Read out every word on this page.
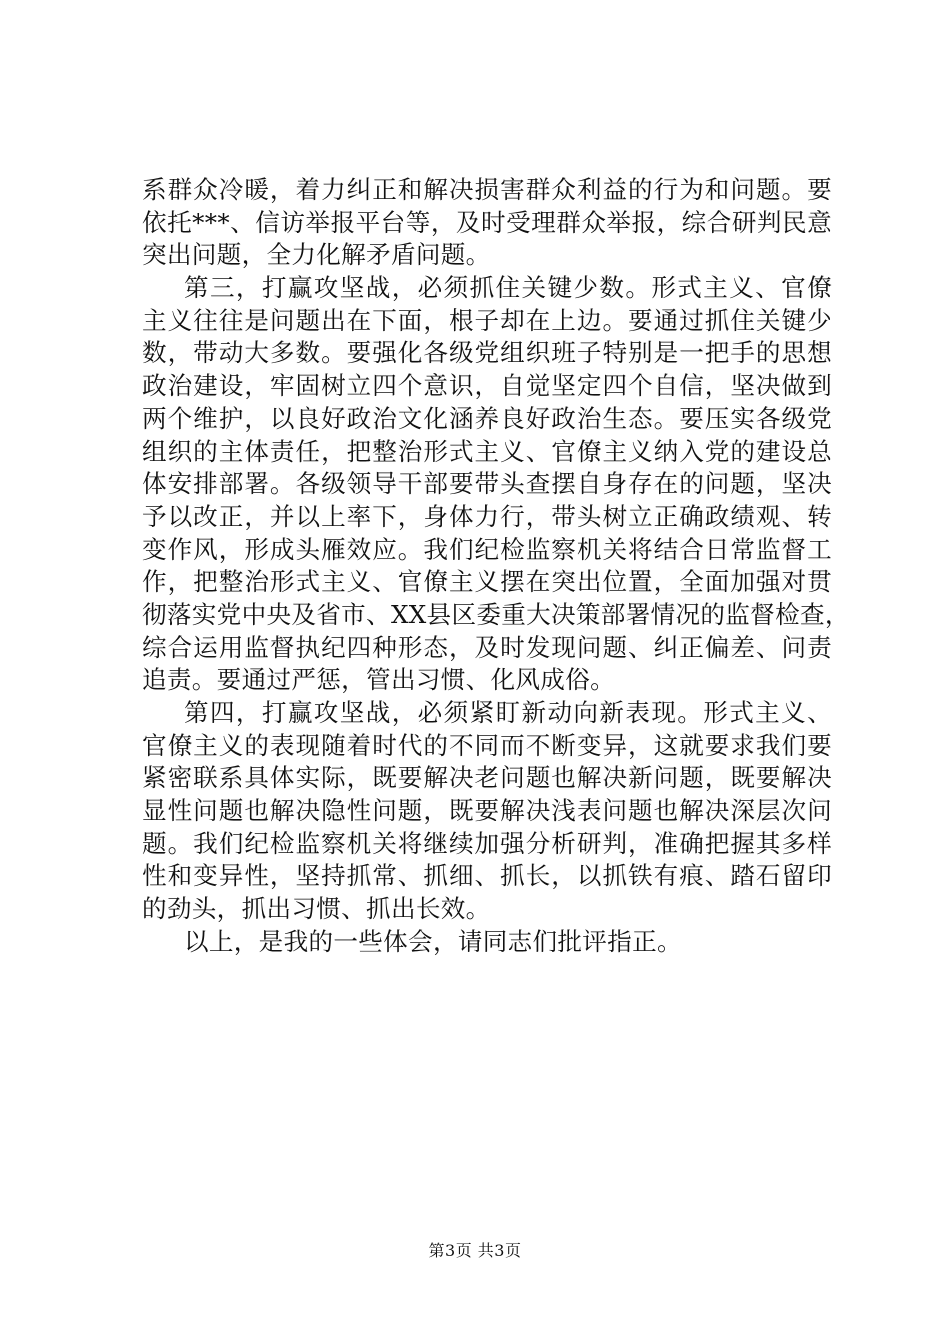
系群众冷暖，着力纠正和解决损害群众利益的行为和问题。要
依托***、信访举报平台等，及时受理群众举报，综合研判民意
突出问题，全力化解矛盾问题。
第三，打赢攻坚战，必须抓住关键少数。形式主义、官僚
主义往往是问题出在下面，根子却在上边。要通过抓住关键少
数，带动大多数。要强化各级党组织班子特别是一把手的思想
政治建设，牢固树立四个意识，自觉坚定四个自信，坚决做到
两个维护，以良好政治文化涵养良好政治生态。要压实各级党
组织的主体责任，把整治形式主义、官僚主义纳入党的建设总
体安排部署。各级领导干部要带头查摆自身存在的问题，坚决
予以改正，并以上率下，身体力行，带头树立正确政绩观、转
变作风，形成头雁效应。我们纪检监察机关将结合日常监督工
作，把整治形式主义、官僚主义摆在突出位置，全面加强对贯
彻落实党中央及省市、XX县区委重大决策部署情况的监督检查，
综合运用监督执纪四种形态，及时发现问题、纠正偏差、问责
追责。要通过严惩，管出习惯、化风成俗。
第四，打赢攻坚战，必须紧盯新动向新表现。形式主义、
官僚主义的表现随着时代的不同而不断变异，这就要求我们要
紧密联系具体实际，既要解决老问题也解决新问题，既要解决
显性问题也解决隐性问题，既要解决浅表问题也解决深层次问
题。我们纪检监察机关将继续加强分析研判，准确把握其多样
性和变异性，坚持抓常、抓细、抓长，以抓铁有痕、踏石留印
的劲头，抓出习惯、抓出长效。
以上，是我的一些体会，请同志们批评指正。
第3页 共3页
